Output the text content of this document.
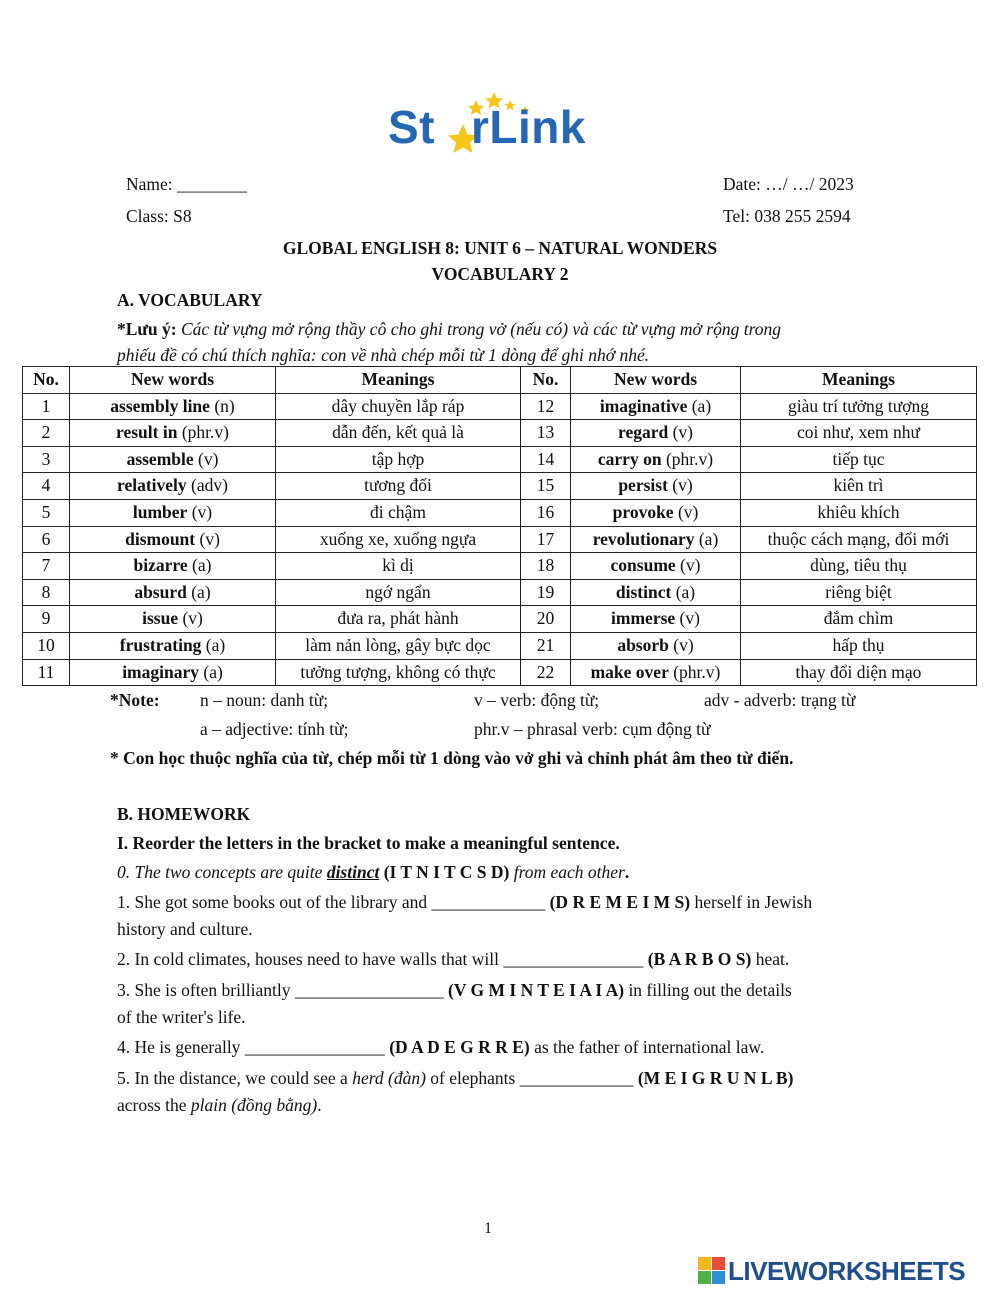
St rLink
Name: ________	Date: …/ …/ 2023
Class: S8	Tel: 038 255 2594
GLOBAL ENGLISH 8: UNIT 6 – NATURAL WONDERS
VOCABULARY 2
A. VOCABULARY
*Lưu ý: Các từ vựng mở rộng thầy cô cho ghi trong vở (nếu có) và các từ vựng mở rộng trong
phiếu đề có chú thích nghĩa: con về nhà chép mỗi từ 1 dòng để ghi nhớ nhé.
No.	New words	Meanings	No.	New words	Meanings
1	assembly line (n)	dây chuyền lắp ráp	12	imaginative (a)	giàu trí tưởng tượng
2	result in (phr.v)	dẫn đến, kết quả là	13	regard (v)	coi như, xem như
3	assemble (v)	tập hợp	14	carry on (phr.v)	tiếp tục
4	relatively (adv)	tương đối	15	persist (v)	kiên trì
5	lumber (v)	đi chậm	16	provoke (v)	khiêu khích
6	dismount (v)	xuống xe, xuống ngựa	17	revolutionary (a)	thuộc cách mạng, đổi mới
7	bizarre (a)	kì dị	18	consume (v)	dùng, tiêu thụ
8	absurd (a)	ngớ ngẩn	19	distinct (a)	riêng biệt
9	issue (v)	đưa ra, phát hành	20	immerse (v)	đắm chìm
10	frustrating (a)	làm nản lòng, gây bực dọc	21	absorb (v)	hấp thụ
11	imaginary (a)	tưởng tượng, không có thực	22	make over (phr.v)	thay đổi diện mạo
*Note: n – noun: danh từ;	v – verb: động từ;	adv - adverb: trạng từ
a – adjective: tính từ;	phr.v – phrasal verb: cụm động từ
* Con học thuộc nghĩa của từ, chép mỗi từ 1 dòng vào vở ghi và chỉnh phát âm theo từ điển.
B. HOMEWORK
I. Reorder the letters in the bracket to make a meaningful sentence.
0. The two concepts are quite distinct (I T N I T C S D) from each other.
1. She got some books out of the library and _____________ (D R E M E I M S) herself in Jewish
history and culture.
2. In cold climates, houses need to have walls that will ________________ (B A R B O S) heat.
3. She is often brilliantly _________________ (V G M I N T E I A I A) in filling out the details
of the writer's life.
4. He is generally ________________ (D A D E G R R E) as the father of international law.
5. In the distance, we could see a herd (đàn) of elephants _____________ (M E I G R U N L B)
across the plain (đồng bằng).
1
LIVEWORKSHEETS
